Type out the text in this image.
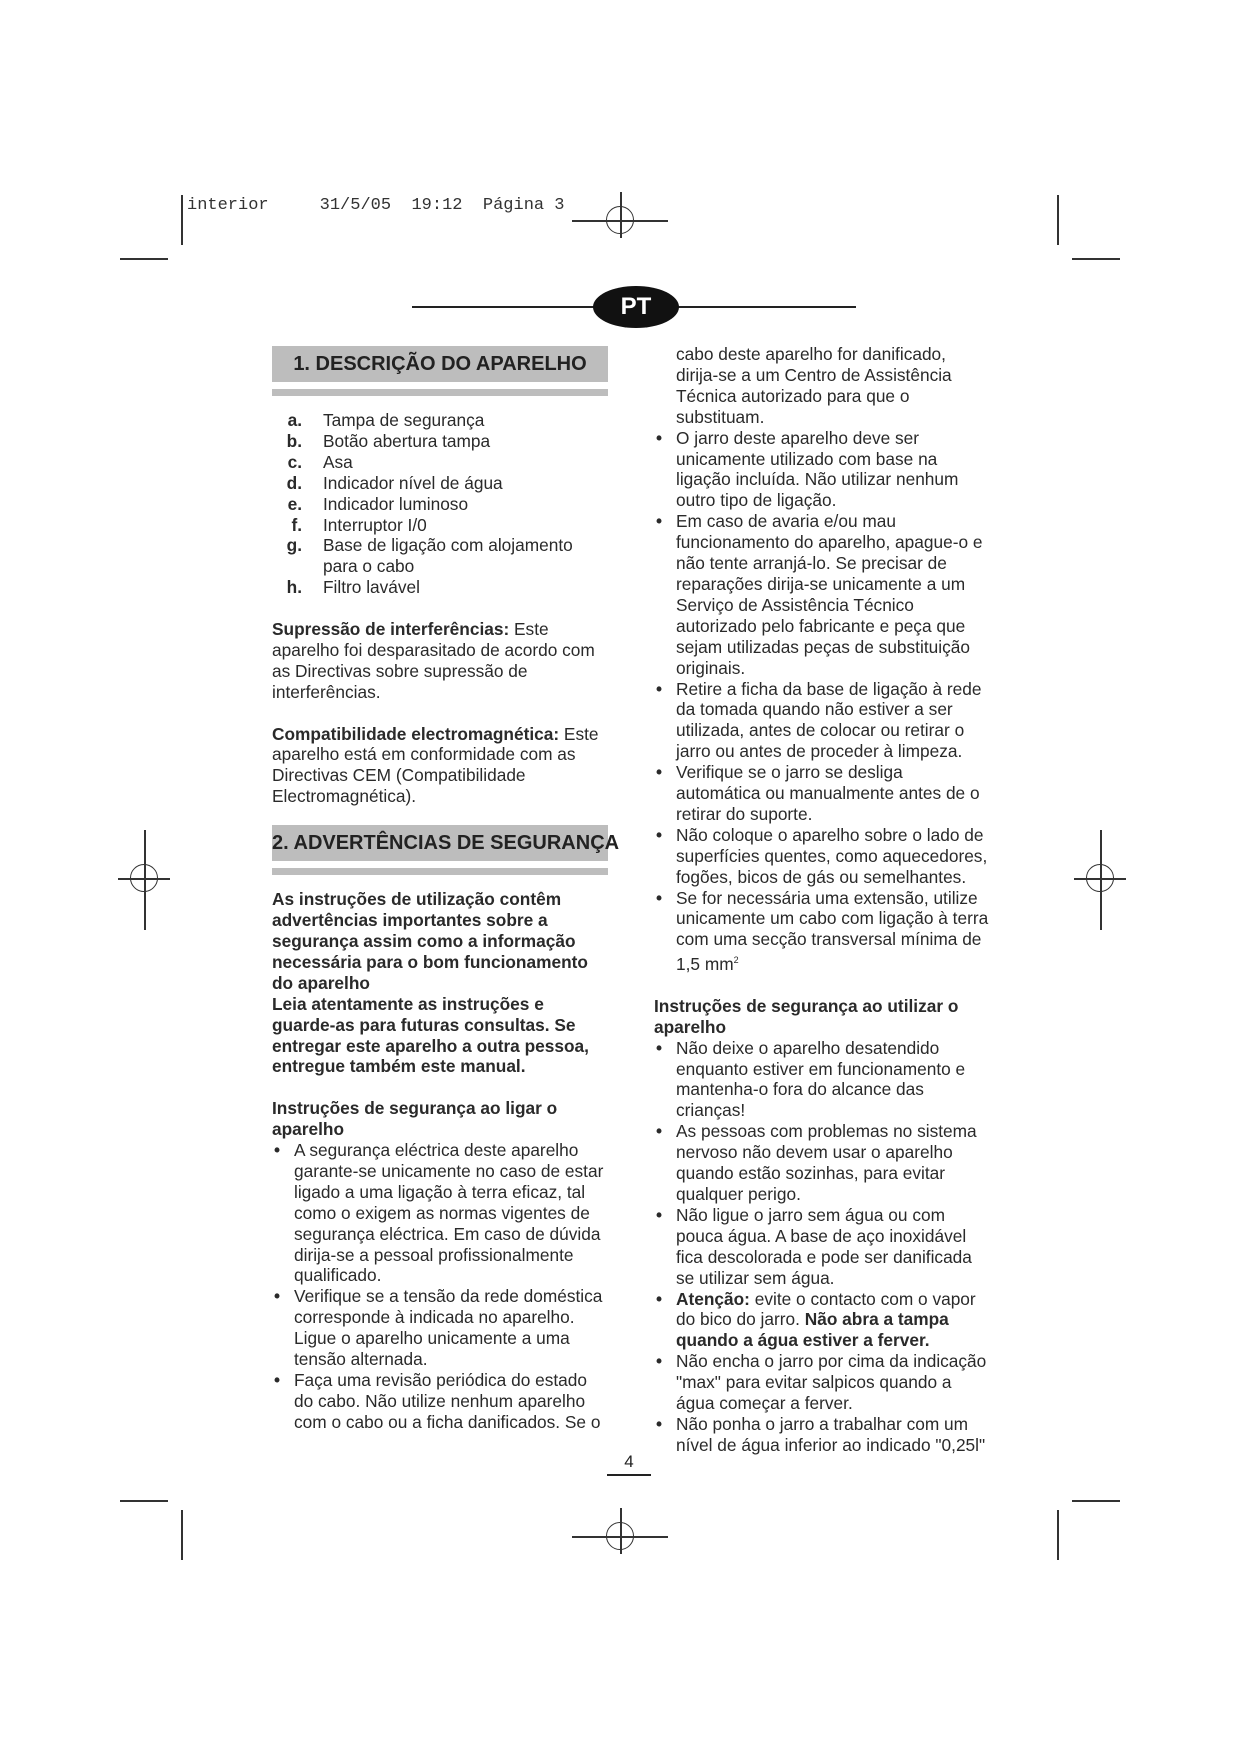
interior	31/5/05 19:12 Página 3
PT
1. DESCRIÇÃO DO APARELHO
a. Tampa de segurança
b. Botão abertura tampa
c. Asa
d. Indicador nível de água
e. Indicador luminoso
f. Interruptor I/0
g. Base de ligação com alojamento para o cabo
h. Filtro lavável

Supressão de interferências: Este aparelho foi desparasitado de acordo com as Directivas sobre supressão de interferências.

Compatibilidade electromagnética: Este aparelho está em conformidade com as Directivas CEM (Compatibilidade Electromagnética).

2. ADVERTÊNCIAS DE SEGURANÇA

As instruções de utilização contêm advertências importantes sobre a segurança assim como a informação necessária para o bom funcionamento do aparelho

Leia atentamente as instruções e guarde-as para futuras consultas. Se entregar este aparelho a outra pessoa, entregue também este manual.

Instruções de segurança ao ligar o aparelho

• A segurança eléctrica deste aparelho garante-se unicamente no caso de estar ligado a uma ligação à terra eficaz, tal como o exigem as normas vigentes de segurança eléctrica. Em caso de dúvida dirija-se a pessoal profissionalmente qualificado.
• Verifique se a tensão da rede doméstica corresponde à indicada no aparelho. Ligue o aparelho unicamente a uma tensão alternada.
• Faça uma revisão periódica do estado do cabo. Não utilize nenhum aparelho com o cabo ou a ficha danificados. Se o

cabo deste aparelho for danificado, dirija-se a um Centro de Assistência Técnica autorizado para que o substituam.

• O jarro deste aparelho deve ser unicamente utilizado com base na ligação incluída. Não utilizar nenhum outro tipo de ligação.
• Em caso de avaria e/ou mau funcionamento do aparelho, apague-o e não tente arranjá-lo. Se precisar de reparações dirija-se unicamente a um Serviço de Assistência Técnico autorizado pelo fabricante e peça que sejam utilizadas peças de substituição originais.
• Retire a ficha da base de ligação à rede da tomada quando não estiver a ser utilizada, antes de colocar ou retirar o jarro ou antes de proceder à limpeza.
• Verifique se o jarro se desliga automática ou manualmente antes de o retirar do suporte.
• Não coloque o aparelho sobre o lado de superfícies quentes, como aquecedores, fogões, bicos de gás ou semelhantes.
• Se for necessária uma extensão, utilize unicamente um cabo com ligação à terra com uma secção transversal mínima de 1,5 $mm^2$

Instruções de segurança ao utilizar o aparelho

• Não deixe o aparelho desatendido enquanto estiver em funcionamento e mantenha-o fora do alcance das crianças!
• As pessoas com problemas no sistema nervoso não devem usar o aparelho quando estão sozinhas, para evitar qualquer perigo.
• Não ligue o jarro sem água ou com pouca água. A base de aço inoxidável fica descolorada e pode ser danificada se utilizar sem água.
• Atenção: evite o contacto com o vapor do bico do jarro. Não abra a tampa quando a água estiver a ferver.
• Não encha o jarro por cima da indicação "max" para evitar salpicos quando a água começar a ferver.
• Não ponha o jarro a trabalhar com um nível de água inferior ao indicado "0,25l"
4
